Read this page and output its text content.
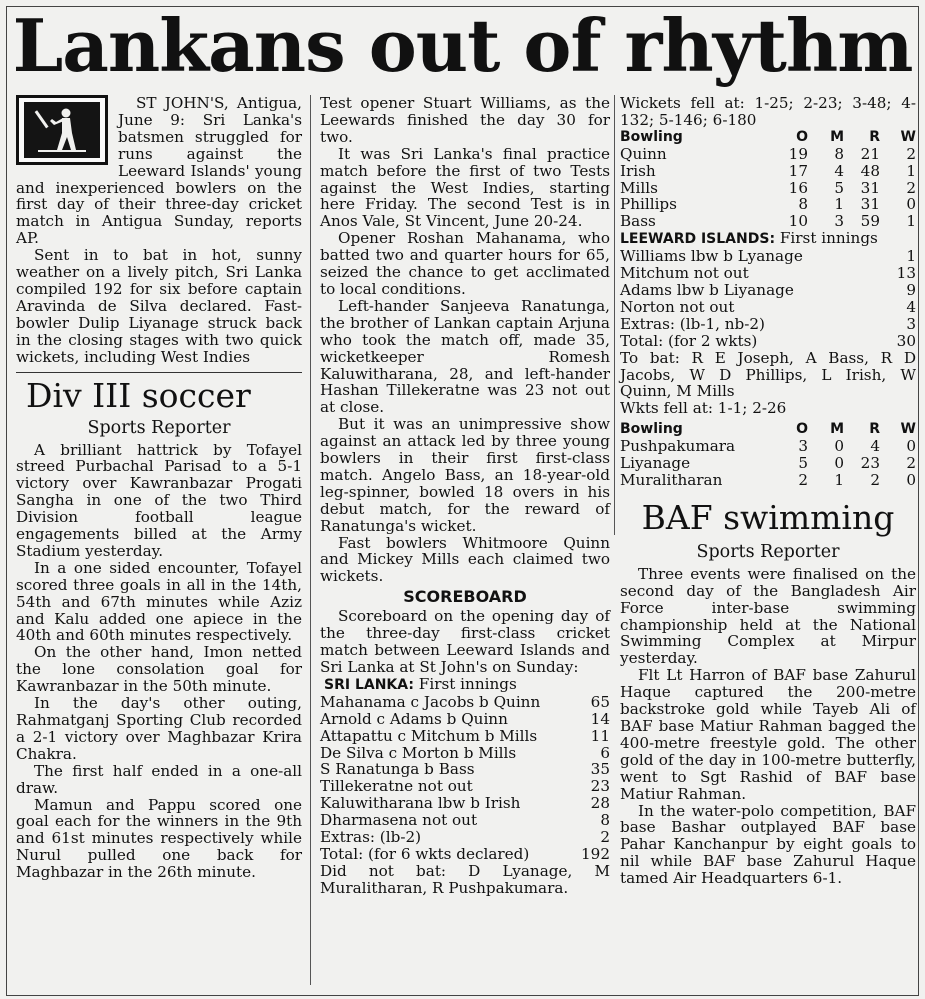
Lankans out of rhythm

ST JOHN'S, Antigua, June 9: Sri Lanka's batsmen struggled for runs against the Leeward Islands' young and inexperienced bowlers on the first day of their three-day cricket match in Antigua Sunday, reports AP.

Sent in to bat in hot, sunny weather on a lively pitch, Sri Lanka compiled 192 for six before captain Aravinda de Silva declared. Fast-bowler Dulip Liyanage struck back in the closing stages with two quick wickets, including West Indies

Div III soccer
Sports Reporter

A brilliant hattrick by Tofayel streed Purbachal Parisad to a 5-1 victory over Kawranbazar Progati Sangha in one of the two Third Division football league engagements billed at the Army Stadium yesterday.

In a one sided encounter, Tofayel scored three goals in all in the 14th, 54th and 67th minutes while Aziz and Kalu added one apiece in the 40th and 60th minutes respectively.

On the other hand, Imon netted the lone consolation goal for Kawranbazar in the 50th minute.

In the day's other outing, Rahmatganj Sporting Club recorded a 2-1 victory over Maghbazar Krira Chakra.

The first half ended in a one-all draw.

Mamun and Pappu scored one goal each for the winners in the 9th and 61st minutes respectively while Nurul pulled one back for Maghbazar in the 26th minute.

Test opener Stuart Williams, as the Leewards finished the day 30 for two.

It was Sri Lanka's final practice match before the first of two Tests against the West Indies, starting here Friday. The second Test is in Anos Vale, St Vincent, June 20-24.

Opener Roshan Mahanama, who batted two and quarter hours for 65, seized the chance to get acclimated to local conditions.

Left-hander Sanjeeva Ranatunga, the brother of Lankan captain Arjuna who took the match off, made 35, wicketkeeper Romesh Kaluwitharana, 28, and left-hander Hashan Tillekeratne was 23 not out at close.

But it was an unimpressive show against an attack led by three young bowlers in their first first-class match. Angelo Bass, an 18-year-old leg-spinner, bowled 18 overs in his debut match, for the reward of Ranatunga's wicket.

Fast bowlers Whitmoore Quinn and Mickey Mills each claimed two wickets.

SCOREBOARD

Scoreboard on the opening day of the three-day first-class cricket match between Leeward Islands and Sri Lanka at St John's on Sunday:

SRI LANKA: First innings
Mahanama c Jacobs b Quinn	65
Arnold c Adams b Quinn	14
Attapattu c Mitchum b Mills	11
De Silva c Morton b Mills	6
S Ranatunga b Bass	35
Tillekeratne not out	23
Kaluwitharana lbw b Irish	28
Dharmasena not out	8
Extras: (lb-2)	2
Total: (for 6 wkts declared)	192

Did not bat: D Lyanage, M Muralitharan, R Pushpakumara.

Wickets fell at: 1-25; 2-23; 3-48; 4-132; 5-146; 6-180

Bowling	O	M	R	W
Quinn	19	8	21	2
Irish	17	4	48	1
Mills	16	5	31	2
Phillips	8	1	31	0
Bass	10	3	59	1

LEEWARD ISLANDS: First innings

Williams lbw b Lyanage	1
Mitchum not out	13
Adams lbw b Liyanage	9
Norton not out	4
Extras: (lb-1, nb-2)	3
Total: (for 2 wkts)	30

To bat: R E Joseph, A Bass, R D Jacobs, W D Phillips, L Irish, W Quinn, M Mills

Wkts fell at: 1-1; 2-26

Bowling	O	M	R	W
Pushpakumara	3	0	4	0
Liyanage	5	0	23	2
Muralitharan	2	1	2	0
BAF swimming
Sports Reporter

Three events were finalised on the second day of the Bangladesh Air Force inter-base swimming championship held at the National Swimming Complex at Mirpur yesterday.

Flt Lt Harron of BAF base Zahurul Haque captured the 200-metre backstroke gold while Tayeb Ali of BAF base Matiur Rahman bagged the 400-metre freestyle gold. The other gold of the day in 100-metre butterfly, went to Sgt Rashid of BAF base Matiur Rahman.

In the water-polo competition, BAF base Bashar outplayed BAF base Pahar Kanchanpur by eight goals to nil while BAF base Zahurul Haque tamed Air Headquarters 6-1.
